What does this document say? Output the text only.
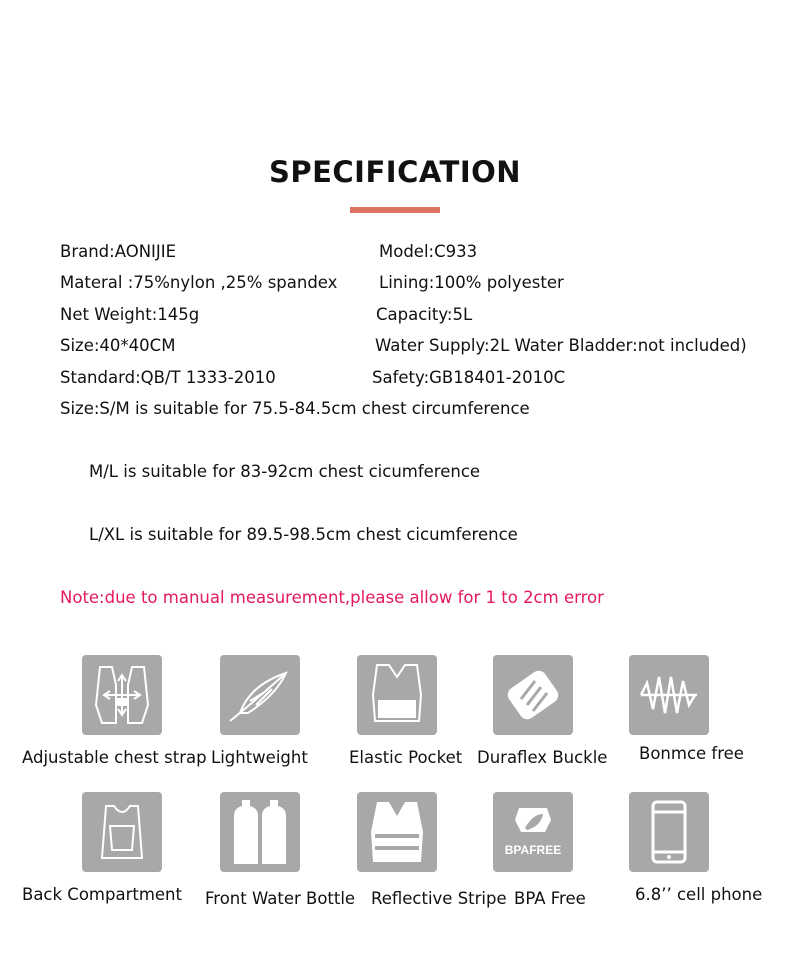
SPECIFICATION
Brand:AONIJIE	Model:C933
Materal :75%nylon ,25% spandex	Lining:100% polyester
Net Weight:145g	Capacity:5L
Size:40*40CM	Water Supply:2L Water Bladder:not included)
Standard:QB/T 1333-2010	Safety:GB18401-2010C
Size:S/M is suitable for 75.5-84.5cm chest circumference
M/L is suitable for 83-92cm chest cicumference
L/XL is suitable for 89.5-98.5cm chest cicumference
Note:due to manual measurement,please allow for 1 to 2cm error
Adjustable chest strap Lightweight Elastic Pocket Duraflex Buckle Bonmce free
BPAFREE
Back Compartment Front Water Bottle Reflective Stripe BPA Free	6.8’’ cell phone
